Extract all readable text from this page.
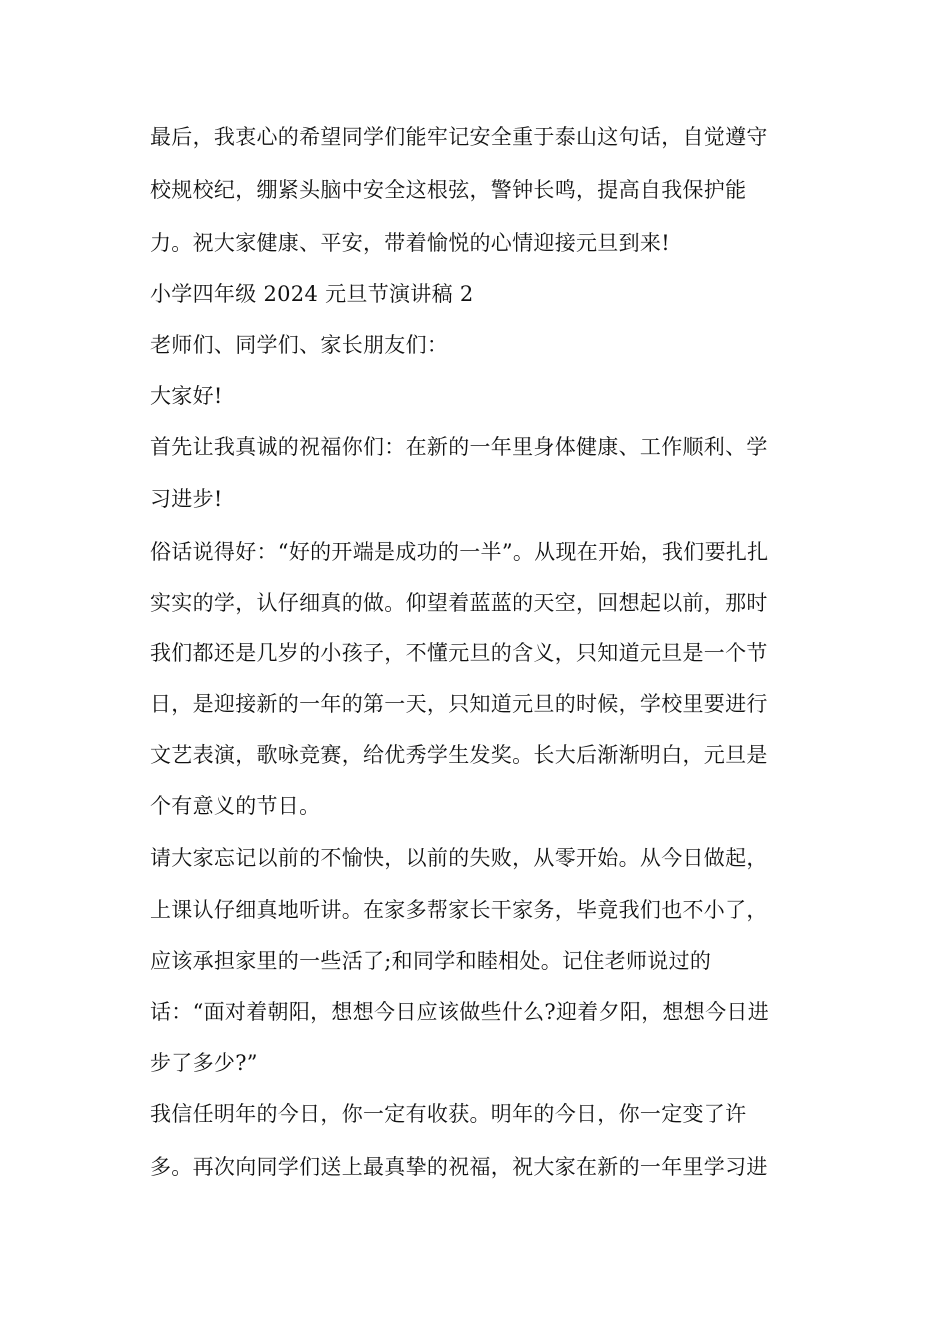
最后，我衷心的希望同学们能牢记安全重于泰山这句话，自觉遵守
校规校纪，绷紧头脑中安全这根弦，警钟长鸣，提高自我保护能
力。祝大家健康、平安，带着愉悦的心情迎接元旦到来!
小学四年级 2024 元旦节演讲稿 2
老师们、同学们、家长朋友们：
大家好!
首先让我真诚的祝福你们：在新的一年里身体健康、工作顺利、学
习进步!
俗话说得好：“好的开端是成功的一半”。从现在开始，我们要扎扎
实实的学，认仔细真的做。仰望着蓝蓝的天空，回想起以前，那时
我们都还是几岁的小孩子，不懂元旦的含义，只知道元旦是一个节
日，是迎接新的一年的第一天，只知道元旦的时候，学校里要进行
文艺表演，歌咏竞赛，给优秀学生发奖。长大后渐渐明白，元旦是
个有意义的节日。
请大家忘记以前的不愉快，以前的失败，从零开始。从今日做起，
上课认仔细真地听讲。在家多帮家长干家务，毕竟我们也不小了，
应该承担家里的一些活了;和同学和睦相处。记住老师说过的
话：“面对着朝阳，想想今日应该做些什么?迎着夕阳，想想今日进
步了多少?”
我信任明年的今日，你一定有收获。明年的今日，你一定变了许
多。再次向同学们送上最真挚的祝福，祝大家在新的一年里学习进
